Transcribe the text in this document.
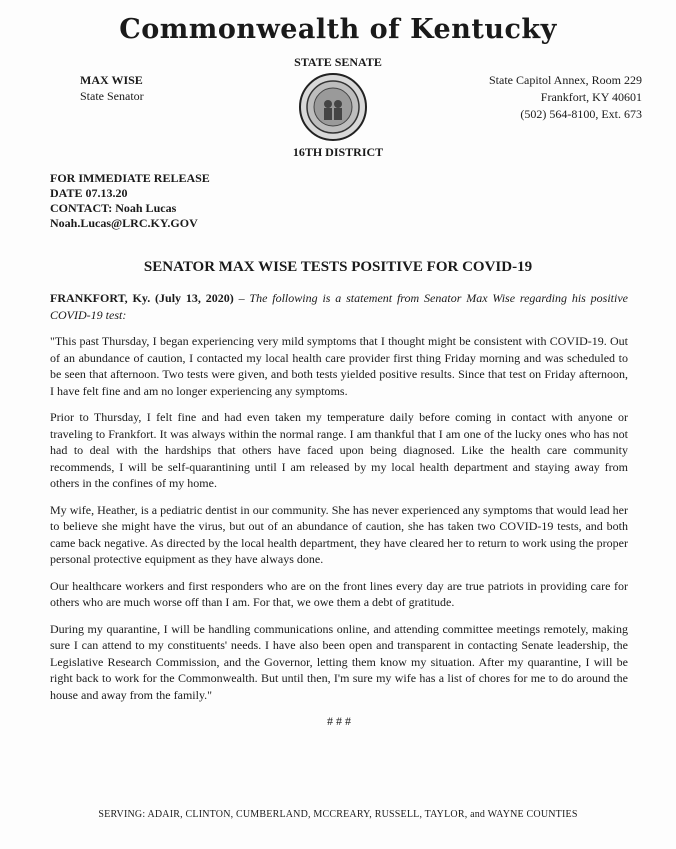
Commonwealth of Kentucky
STATE SENATE
MAX WISE
State Senator
State Capitol Annex, Room 229
Frankfort, KY 40601
(502) 564-8100, Ext. 673
16TH DISTRICT
FOR IMMEDIATE RELEASE
DATE 07.13.20
CONTACT: Noah Lucas
Noah.Lucas@LRC.KY.GOV
SENATOR MAX WISE TESTS POSITIVE FOR COVID-19

FRANKFORT, Ky. (July 13, 2020) – The following is a statement from Senator Max Wise regarding his positive COVID-19 test:

"This past Thursday, I began experiencing very mild symptoms that I thought might be consistent with COVID-19. Out of an abundance of caution, I contacted my local health care provider first thing Friday morning and was scheduled to be seen that afternoon. Two tests were given, and both tests yielded positive results. Since that test on Friday afternoon, I have felt fine and am no longer experiencing any symptoms.

Prior to Thursday, I felt fine and had even taken my temperature daily before coming in contact with anyone or traveling to Frankfort. It was always within the normal range. I am thankful that I am one of the lucky ones who has not had to deal with the hardships that others have faced upon being diagnosed. Like the health care community recommends, I will be self-quarantining until I am released by my local health department and staying away from others in the confines of my home.

My wife, Heather, is a pediatric dentist in our community. She has never experienced any symptoms that would lead her to believe she might have the virus, but out of an abundance of caution, she has taken two COVID-19 tests, and both came back negative. As directed by the local health department, they have cleared her to return to work using the proper personal protective equipment as they have always done.

Our healthcare workers and first responders who are on the front lines every day are true patriots in providing care for others who are much worse off than I am. For that, we owe them a debt of gratitude.

During my quarantine, I will be handling communications online, and attending committee meetings remotely, making sure I can attend to my constituents' needs. I have also been open and transparent in contacting Senate leadership, the Legislative Research Commission, and the Governor, letting them know my situation. After my quarantine, I will be right back to work for the Commonwealth. But until then, I'm sure my wife has a list of chores for me to do around the house and away from the family."

# # #
SERVING: ADAIR, CLINTON, CUMBERLAND, MCCREARY, RUSSELL, TAYLOR, and WAYNE COUNTIES
